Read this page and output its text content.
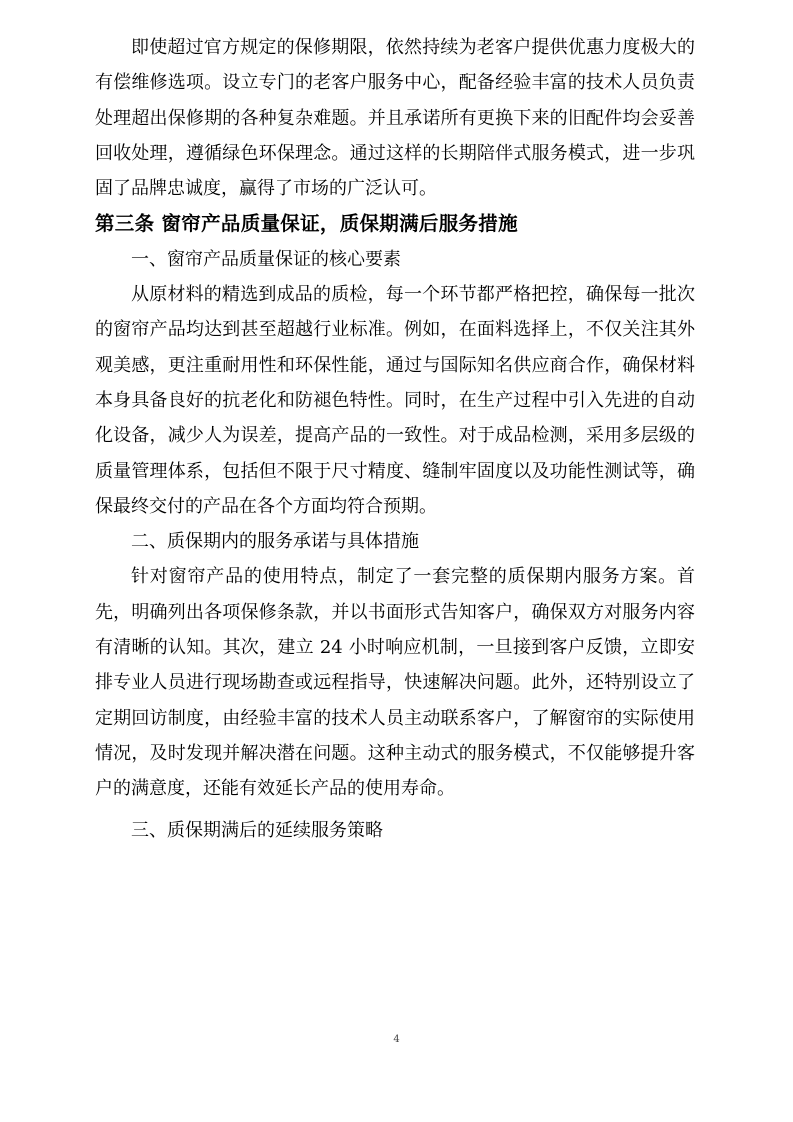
即使超过官方规定的保修期限，依然持续为老客户提供优惠力度极大的有偿维修选项。设立专门的老客户服务中心，配备经验丰富的技术人员负责处理超出保修期的各种复杂难题。并且承诺所有更换下来的旧配件均会妥善回收处理，遵循绿色环保理念。通过这样的长期陪伴式服务模式，进一步巩固了品牌忠诚度，赢得了市场的广泛认可。

第三条 窗帘产品质量保证，质保期满后服务措施

一、窗帘产品质量保证的核心要素

从原材料的精选到成品的质检，每一个环节都严格把控，确保每一批次的窗帘产品均达到甚至超越行业标准。例如，在面料选择上，不仅关注其外观美感，更注重耐用性和环保性能，通过与国际知名供应商合作，确保材料本身具备良好的抗老化和防褪色特性。同时，在生产过程中引入先进的自动化设备，减少人为误差，提高产品的一致性。对于成品检测，采用多层级的质量管理体系，包括但不限于尺寸精度、缝制牢固度以及功能性测试等，确保最终交付的产品在各个方面均符合预期。

二、质保期内的服务承诺与具体措施

针对窗帘产品的使用特点，制定了一套完整的质保期内服务方案。首先，明确列出各项保修条款，并以书面形式告知客户，确保双方对服务内容有清晰的认知。其次，建立 24 小时响应机制，一旦接到客户反馈，立即安排专业人员进行现场勘查或远程指导，快速解决问题。此外，还特别设立了定期回访制度，由经验丰富的技术人员主动联系客户，了解窗帘的实际使用情况，及时发现并解决潜在问题。这种主动式的服务模式，不仅能够提升客户的满意度，还能有效延长产品的使用寿命。

三、质保期满后的延续服务策略

4
